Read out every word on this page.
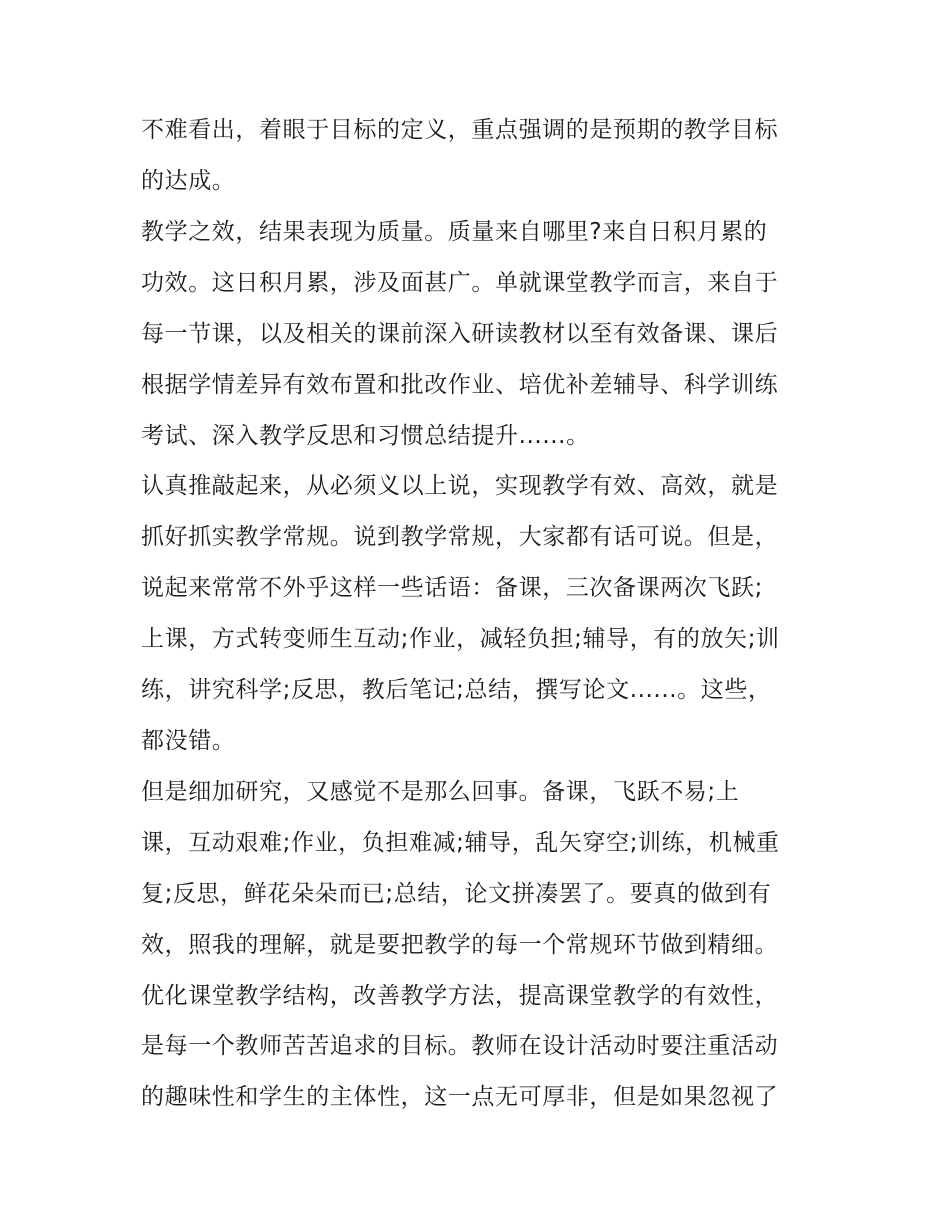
不难看出，着眼于目标的定义，重点强调的是预期的教学目标

的达成。

教学之效，结果表现为质量。质量来自哪里?来自日积月累的

功效。这日积月累，涉及面甚广。单就课堂教学而言，来自于

每一节课，以及相关的课前深入研读教材以至有效备课、课后

根据学情差异有效布置和批改作业、培优补差辅导、科学训练

考试、深入教学反思和习惯总结提升......。

认真推敲起来，从必须义以上说，实现教学有效、高效，就是

抓好抓实教学常规。说到教学常规，大家都有话可说。但是，

说起来常常不外乎这样一些话语：备课，三次备课两次飞跃;

上课，方式转变师生互动;作业，减轻负担;辅导，有的放矢;训

练，讲究科学;反思，教后笔记;总结，撰写论文......。这些，

都没错。

但是细加研究，又感觉不是那么回事。备课，飞跃不易;上

课，互动艰难;作业，负担难减;辅导，乱矢穿空;训练，机械重

复;反思，鲜花朵朵而已;总结，论文拼凑罢了。要真的做到有

效，照我的理解，就是要把教学的每一个常规环节做到精细。

优化课堂教学结构，改善教学方法，提高课堂教学的有效性，

是每一个教师苦苦追求的目标。教师在设计活动时要注重活动

的趣味性和学生的主体性，这一点无可厚非，但是如果忽视了
